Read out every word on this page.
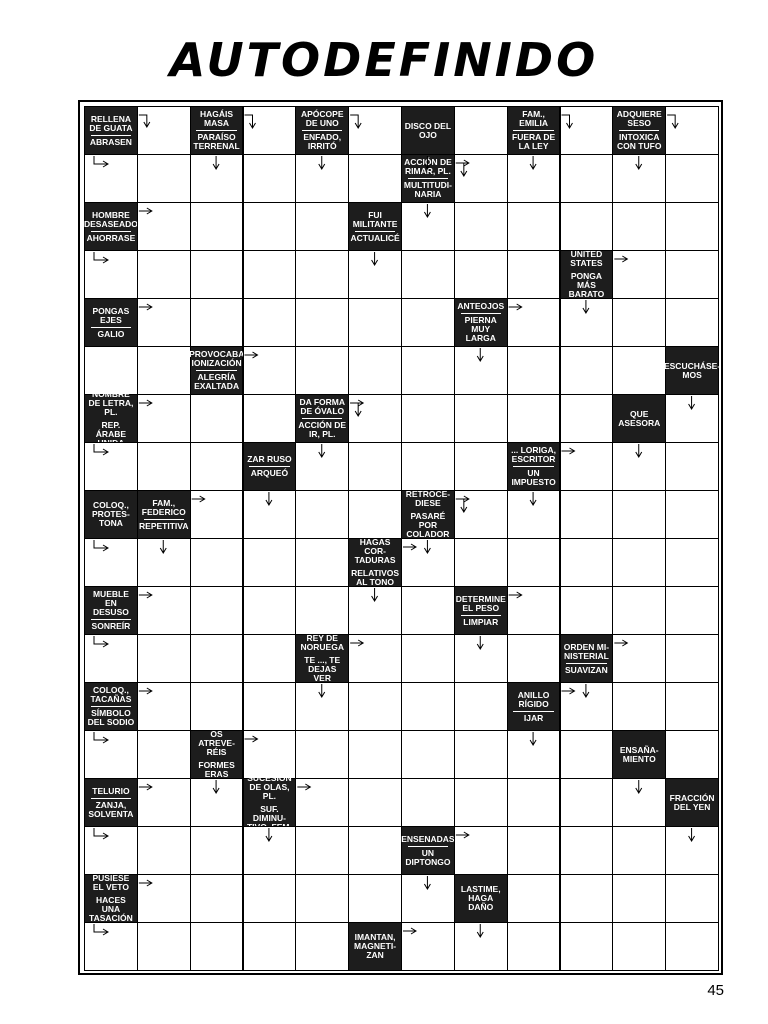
AUTODEFINIDO
RELLENA DE GUATA
ABRASEN
HAGÁIS MASA
PARAÍSO TERRENAL
APÓCOPE DE UNO
ENFADO, IRRITÓ
DISCO DEL OJO
FAM., EMILIA
FUERA DE LA LEY
ADQUIERE SESO
INTOXICA CON TUFO
ACCIÓN DE RIMAR, PL.
MULTITUDI-NARIA
HOMBRE DESASEADO
AHORRASE
FUI MILITANTE
ACTUALICÉ
UNITED STATES
PONGA MÁS BARATO
PONGAS EJES
GALIO
ANTEOJOS
PIERNA MUY LARGA
PROVOCABA IONIZACIÓN
ALEGRÍA EXALTADA
ESCUCHÁSE-MOS
NOMBRE DE LETRA, PL.
REP. ÁRABE UNIDA
DA FORMA DE ÓVALO
ACCIÓN DE IR, PL.
QUE ASESORA
ZAR RUSO
ARQUEÓ
... LORIGA, ESCRITOR
UN IMPUESTO
COLOQ., PROTES-TONA
FAM., FEDERICO
REPETITIVA
RETROCE-DIESE
PASARÉ POR COLADOR
HAGAS COR-TADURAS
RELATIVOS AL TONO
MUEBLE EN DESUSO
SONREÍR
DETERMINE EL PESO
LIMPIAR
REY DE NORUEGA
TE ..., TE DEJAS VER
ORDEN MI-NISTERIAL
SUAVIZAN
COLOQ., TACAÑAS
SÍMBOLO DEL SODIO
ANILLO RÍGIDO
IJAR
OS ATREVE-RÉIS
FORMES ERAS
ENSAÑA-MIENTO
TELURIO
ZANJA, SOLVENTA
SUCESIÓN DE OLAS, PL.
SUF. DIMINU-TIVO, FEM.
FRACCIÓN DEL YEN
ENSENADAS
UN DIPTONGO
PUSIESE EL VETO
HACES UNA TASACIÓN
LASTIME, HAGA DAÑO
IMANTAN, MAGNETI-ZAN
45
